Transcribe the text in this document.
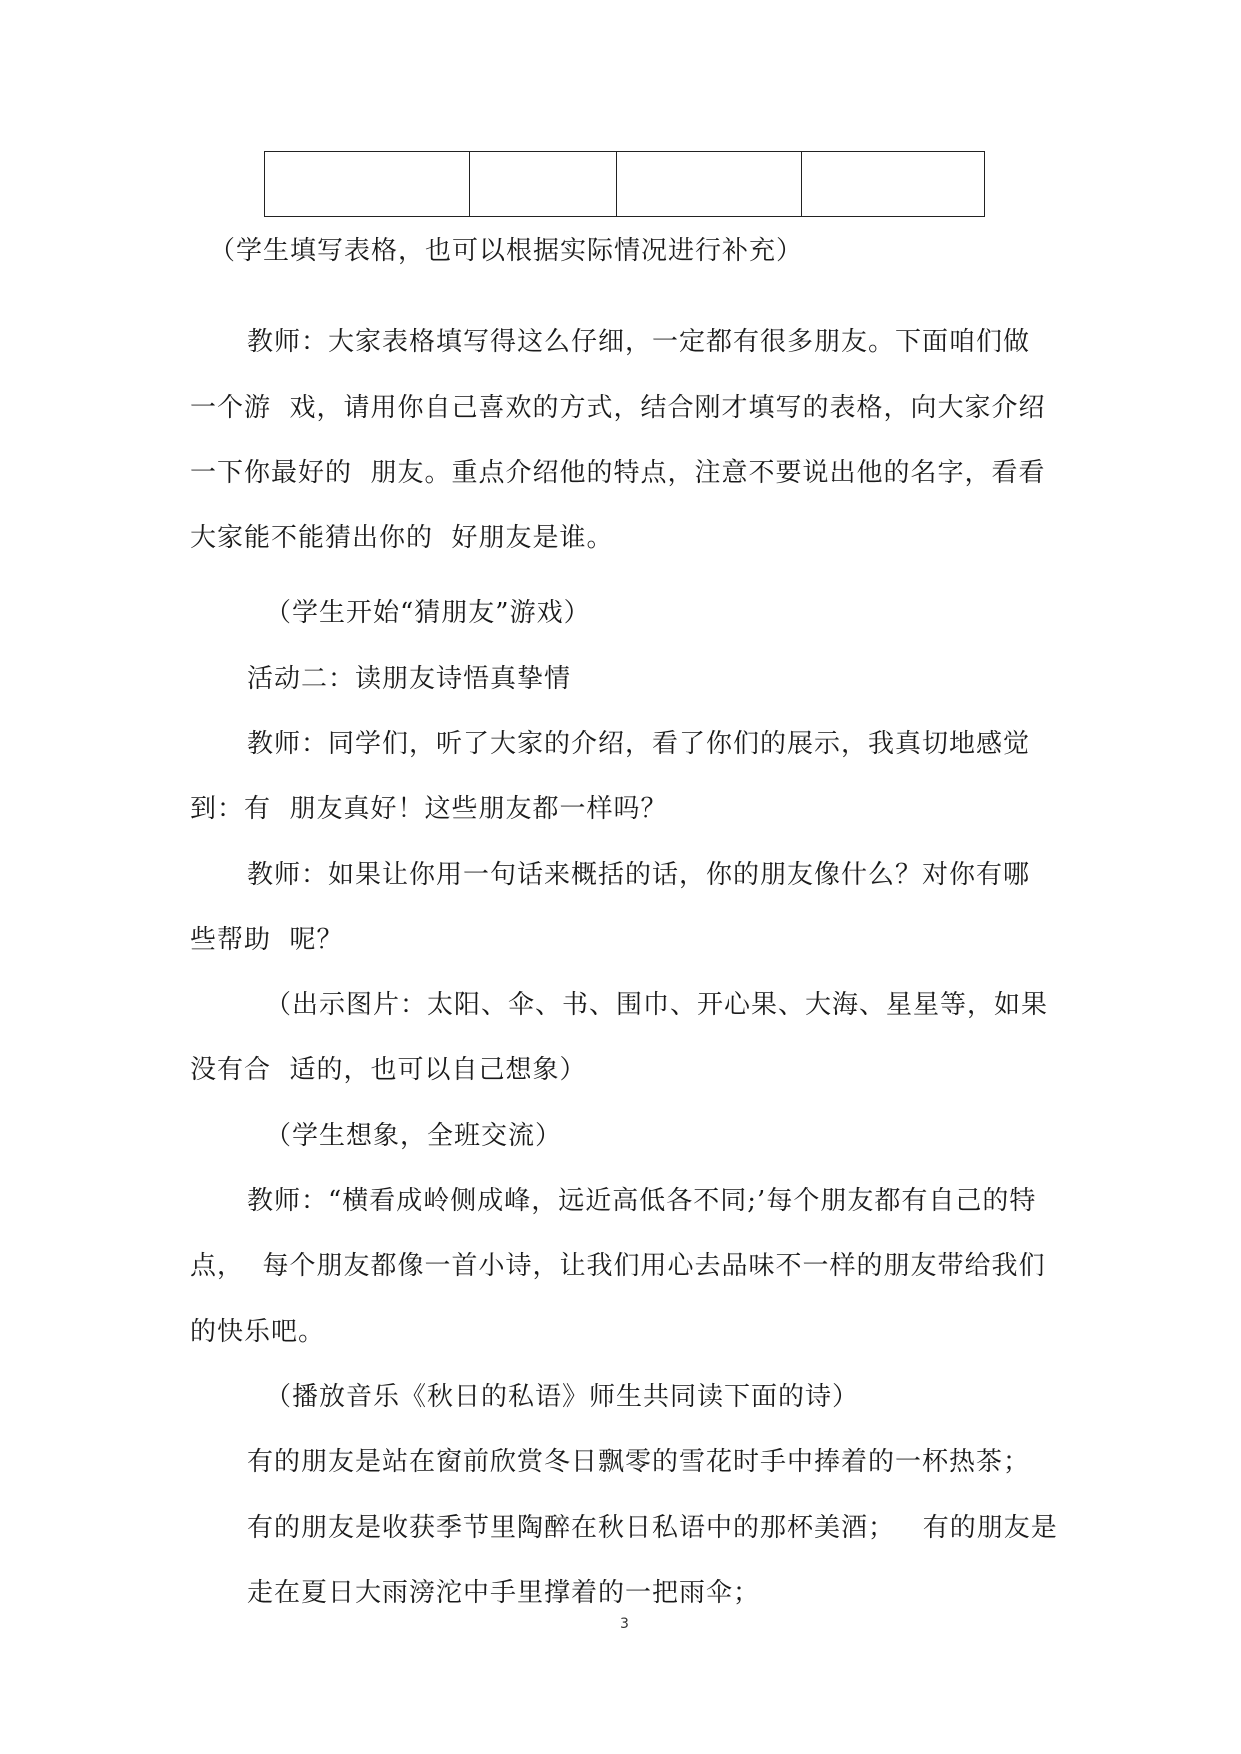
（学生填写表格，也可以根据实际情况进行补充）
教师：大家表格填写得这么仔细，一定都有很多朋友。下面咱们做
一个游  戏，请用你自己喜欢的方式，结合刚才填写的表格，向大家介绍
一下你最好的  朋友。重点介绍他的特点，注意不要说出他的名字，看看
大家能不能猜出你的  好朋友是谁。
（学生开始“猜朋友”游戏）
活动二：读朋友诗悟真挚情
教师：同学们，听了大家的介绍，看了你们的展示，我真切地感觉
到：有  朋友真好！这些朋友都一样吗？
教师：如果让你用一句话来概括的话，你的朋友像什么？对你有哪
些帮助  呢？
（出示图片：太阳、伞、书、围巾、开心果、大海、星星等，如果
没有合  适的，也可以自己想象）
（学生想象，全班交流）
教师：“横看成岭侧成峰，远近高低各不同;’每个朋友都有自己的特
点，  每个朋友都像一首小诗，让我们用心去品味不一样的朋友带给我们
的快乐吧。
（播放音乐《秋日的私语》师生共同读下面的诗）
有的朋友是站在窗前欣赏冬日飘零的雪花时手中捧着的一杯热茶；
有的朋友是收获季节里陶醉在秋日私语中的那杯美酒；   有的朋友是
走在夏日大雨滂沱中手里撑着的一把雨伞；
3
